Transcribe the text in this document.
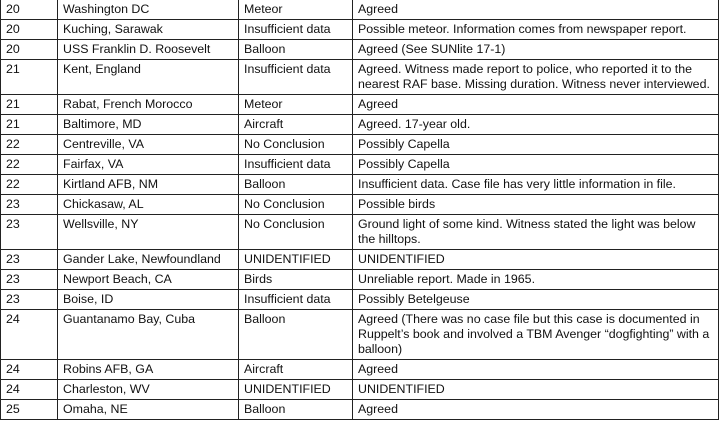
20	Washington DC	Meteor	Agreed
20	Kuching, Sarawak	Insufficient data	Possible meteor. Information comes from newspaper report.
20	USS Franklin D. Roosevelt	Balloon	Agreed (See SUNlite 17-1)
21	Kent, England	Insufficient data	Agreed. Witness made report to police, who reported it to the nearest RAF base. Missing duration. Witness never interviewed.
21	Rabat, French Morocco	Meteor	Agreed
21	Baltimore, MD	Aircraft	Agreed. 17-year old.
22	Centreville, VA	No Conclusion	Possibly Capella
22	Fairfax, VA	Insufficient data	Possibly Capella
22	Kirtland AFB, NM	Balloon	Insufficient data. Case file has very little information in file.
23	Chickasaw, AL	No Conclusion	Possible birds
23	Wellsville, NY	No Conclusion	Ground light of some kind. Witness stated the light was below the hilltops.
23	Gander Lake, Newfoundland	UNIDENTIFIED	UNIDENTIFIED
23	Newport Beach, CA	Birds	Unreliable report. Made in 1965.
23	Boise, ID	Insufficient data	Possibly Betelgeuse
24	Guantanamo Bay, Cuba	Balloon	Agreed (There was no case file but this case is documented in Ruppelt’s book and involved a TBM Avenger “dogfighting” with a balloon)
24	Robins AFB, GA	Aircraft	Agreed
24	Charleston, WV	UNIDENTIFIED	UNIDENTIFIED
25	Omaha, NE	Balloon	Agreed
